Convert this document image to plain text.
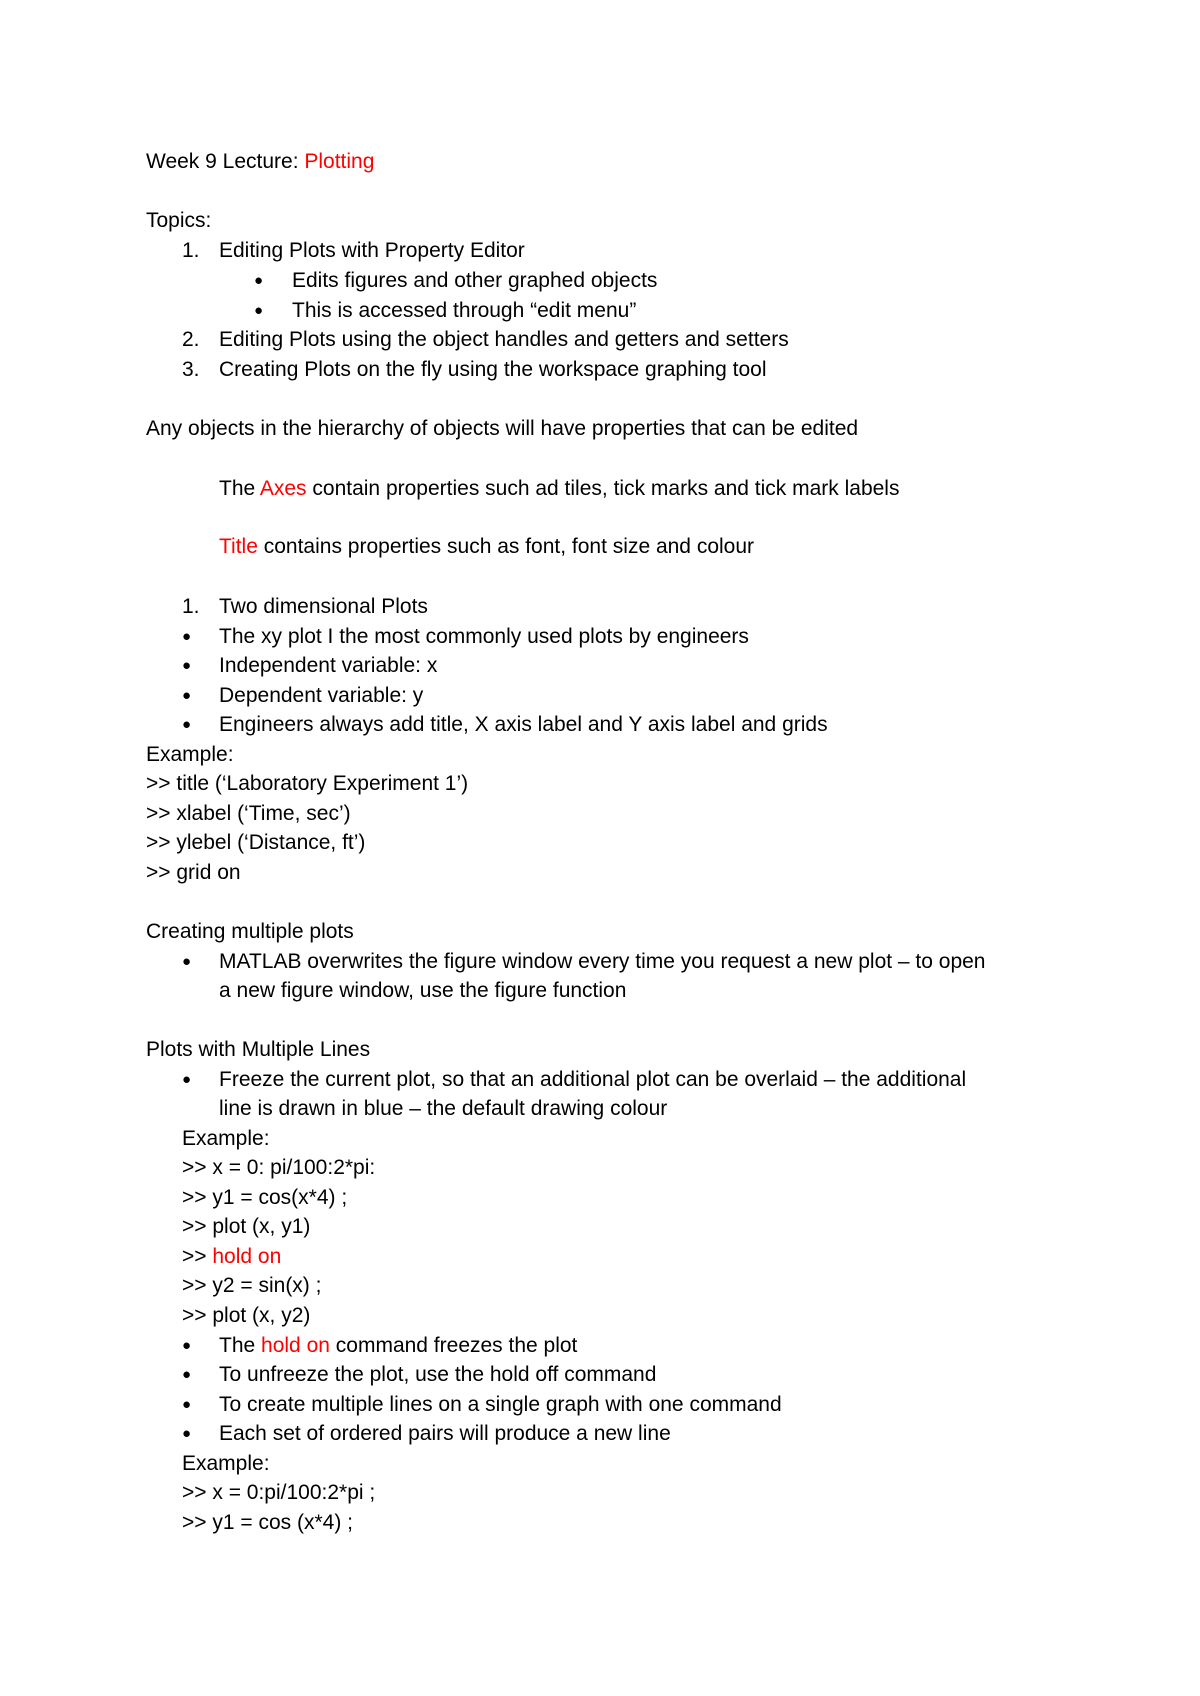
Week 9 Lecture: Plotting
Topics:
1. Editing Plots with Property Editor
● Edits figures and other graphed objects
● This is accessed through “edit menu”
2. Editing Plots using the object handles and getters and setters
3. Creating Plots on the fly using the workspace graphing tool
Any objects in the hierarchy of objects will have properties that can be edited
The Axes contain properties such ad tiles, tick marks and tick mark labels
Title contains properties such as font, font size and colour
1. Two dimensional Plots
● The xy plot I the most commonly used plots by engineers
● Independent variable: x
● Dependent variable: y
● Engineers always add title, X axis label and Y axis label and grids
Example:
>> title (‘Laboratory Experiment 1’)
>> xlabel (‘Time, sec’)
>> ylebel (‘Distance, ft’)
>> grid on
Creating multiple plots
● MATLAB overwrites the figure window every time you request a new plot – to open
a new figure window, use the figure function
Plots with Multiple Lines
● Freeze the current plot, so that an additional plot can be overlaid – the additional
line is drawn in blue – the default drawing colour
Example:
>> x = 0: pi/100:2*pi:
>> y1 = cos(x*4) ;
>> plot (x, y1)
>> hold on
>> y2 = sin(x) ;
>> plot (x, y2)
● The hold on command freezes the plot
● To unfreeze the plot, use the hold off command
● To create multiple lines on a single graph with one command
● Each set of ordered pairs will produce a new line
Example:
>> x = 0:pi/100:2*pi ;
>> y1 = cos (x*4) ;
